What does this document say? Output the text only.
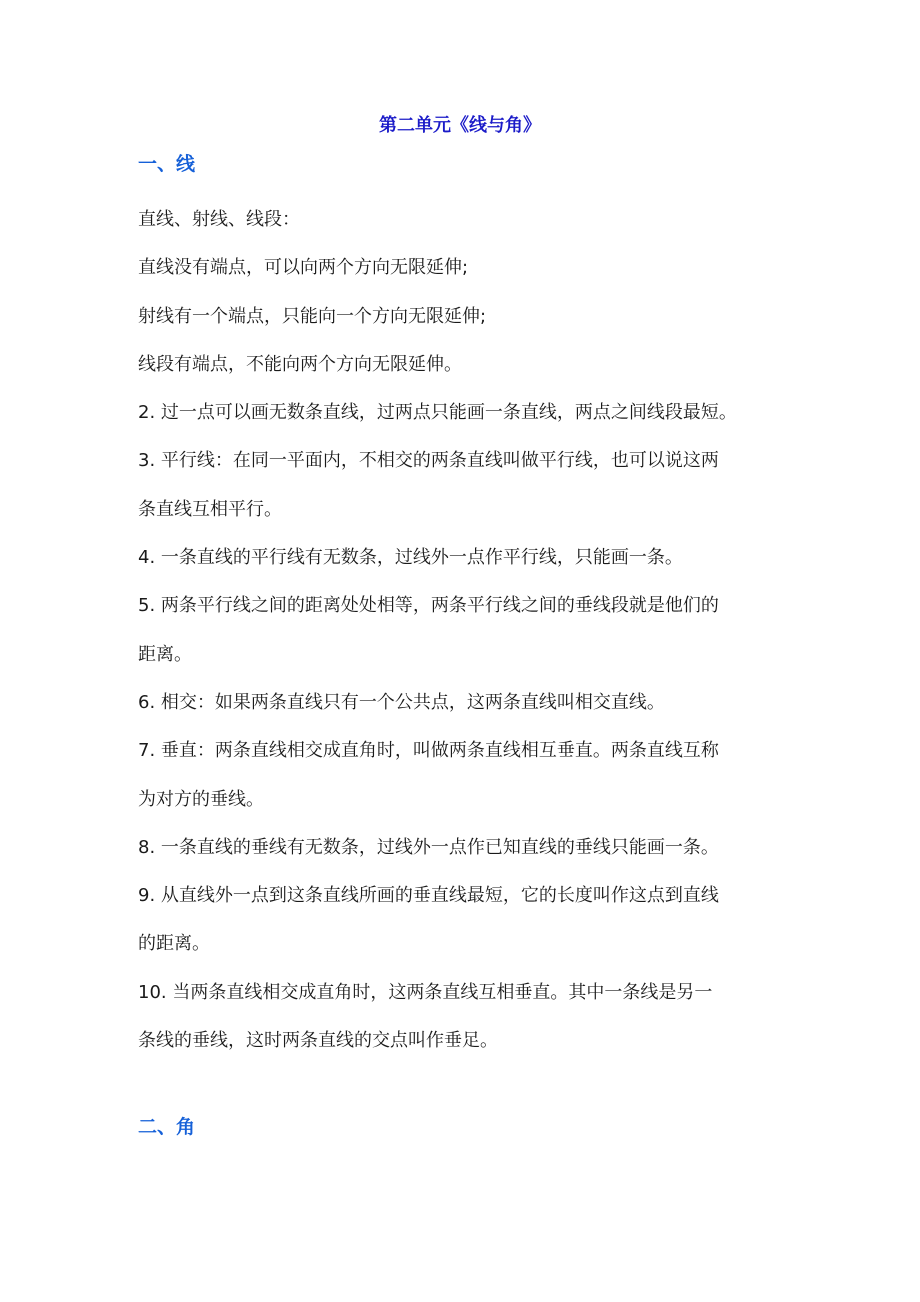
第二单元《线与角》
一、线

直线、射线、线段：

直线没有端点，可以向两个方向无限延伸;

射线有一个端点，只能向一个方向无限延伸;

线段有端点，不能向两个方向无限延伸。

2. 过一点可以画无数条直线，过两点只能画一条直线，两点之间线段最短。

3. 平行线：在同一平面内，不相交的两条直线叫做平行线，也可以说这两

条直线互相平行。

4. 一条直线的平行线有无数条，过线外一点作平行线，只能画一条。

5. 两条平行线之间的距离处处相等，两条平行线之间的垂线段就是他们的

距离。

6. 相交：如果两条直线只有一个公共点，这两条直线叫相交直线。

7. 垂直：两条直线相交成直角时，叫做两条直线相互垂直。两条直线互称

为对方的垂线。

8. 一条直线的垂线有无数条，过线外一点作已知直线的垂线只能画一条。

9. 从直线外一点到这条直线所画的垂直线最短，它的长度叫作这点到直线

的距离。

10. 当两条直线相交成直角时，这两条直线互相垂直。其中一条线是另一

条线的垂线，这时两条直线的交点叫作垂足。

二、角
